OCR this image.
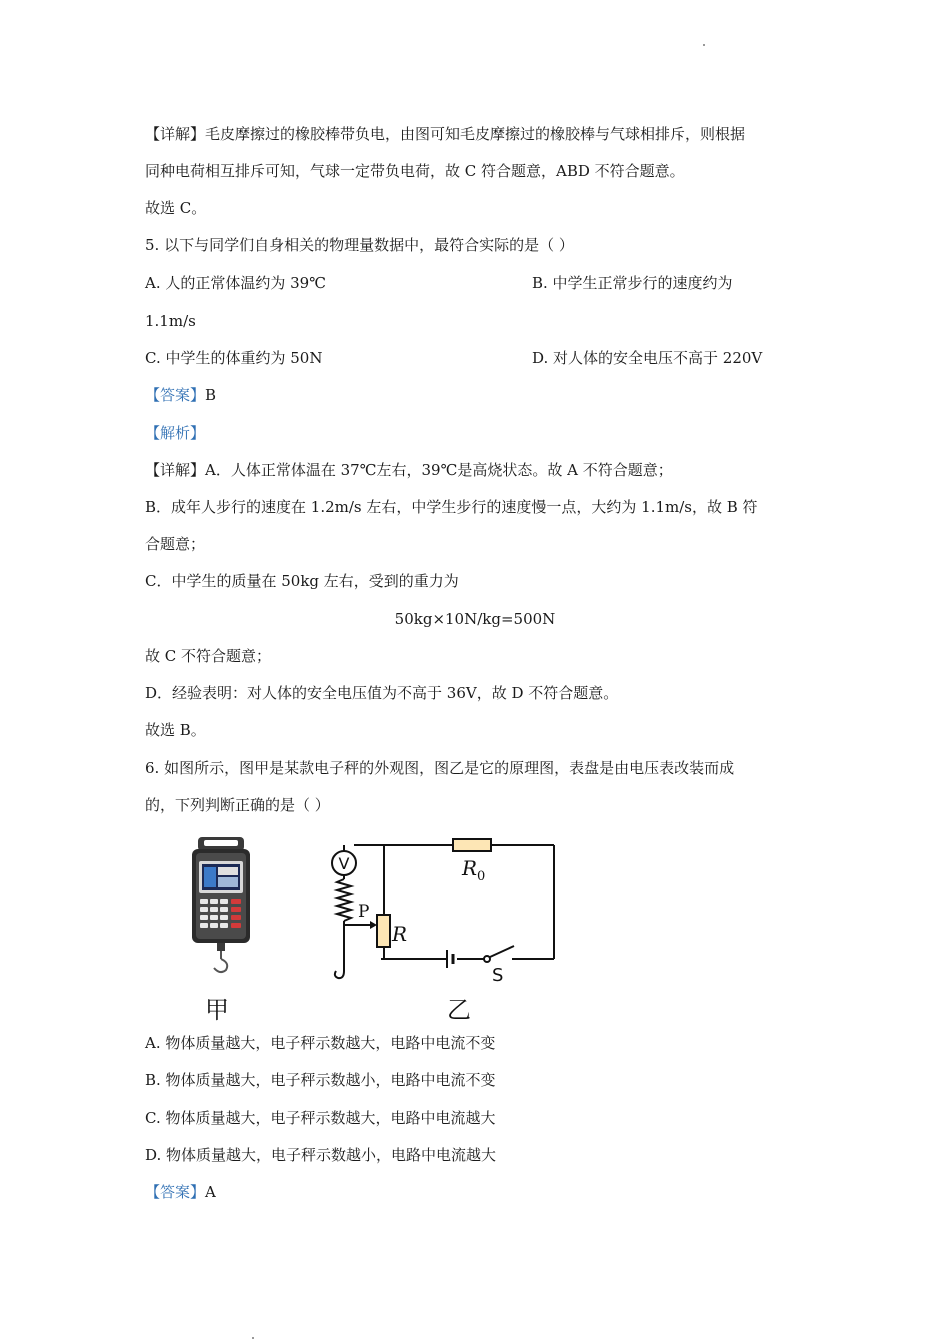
【详解】毛皮摩擦过的橡胶棒带负电，由图可知毛皮摩擦过的橡胶棒与气球相排斥，则根据
同种电荷相互排斥可知，气球一定带负电荷，故 C 符合题意，ABD 不符合题意。
故选 C。
5. 以下与同学们自身相关的物理量数据中，最符合实际的是（ ）
A. 人的正常体温约为 39℃	B. 中学生正常步行的速度约为
1.1m/s
C. 中学生的体重约为 50N	D. 对人体的安全电压不高于 220V
【答案】B
【解析】
【详解】A．人体正常体温在 37℃左右，39℃是高烧状态。故 A 不符合题意；
B．成年人步行的速度在 1.2m/s 左右，中学生步行的速度慢一点，大约为 1.1m/s，故 B 符
合题意；
C．中学生的质量在 50kg 左右，受到的重力为
50kg×10N/kg=500N
故 C 不符合题意；
D．经验表明：对人体的安全电压值为不高于 36V，故 D 不符合题意。
故选 B。
6. 如图所示，图甲是某款电子秤的外观图，图乙是它的原理图，表盘是由电压表改装而成
的，下列判断正确的是（ ）
甲
V	R 0
P
R
S
乙
A. 物体质量越大，电子秤示数越大，电路中电流不变
B. 物体质量越大，电子秤示数越小，电路中电流不变
C. 物体质量越大，电子秤示数越大，电路中电流越大
D. 物体质量越大，电子秤示数越小，电路中电流越大
【答案】A
